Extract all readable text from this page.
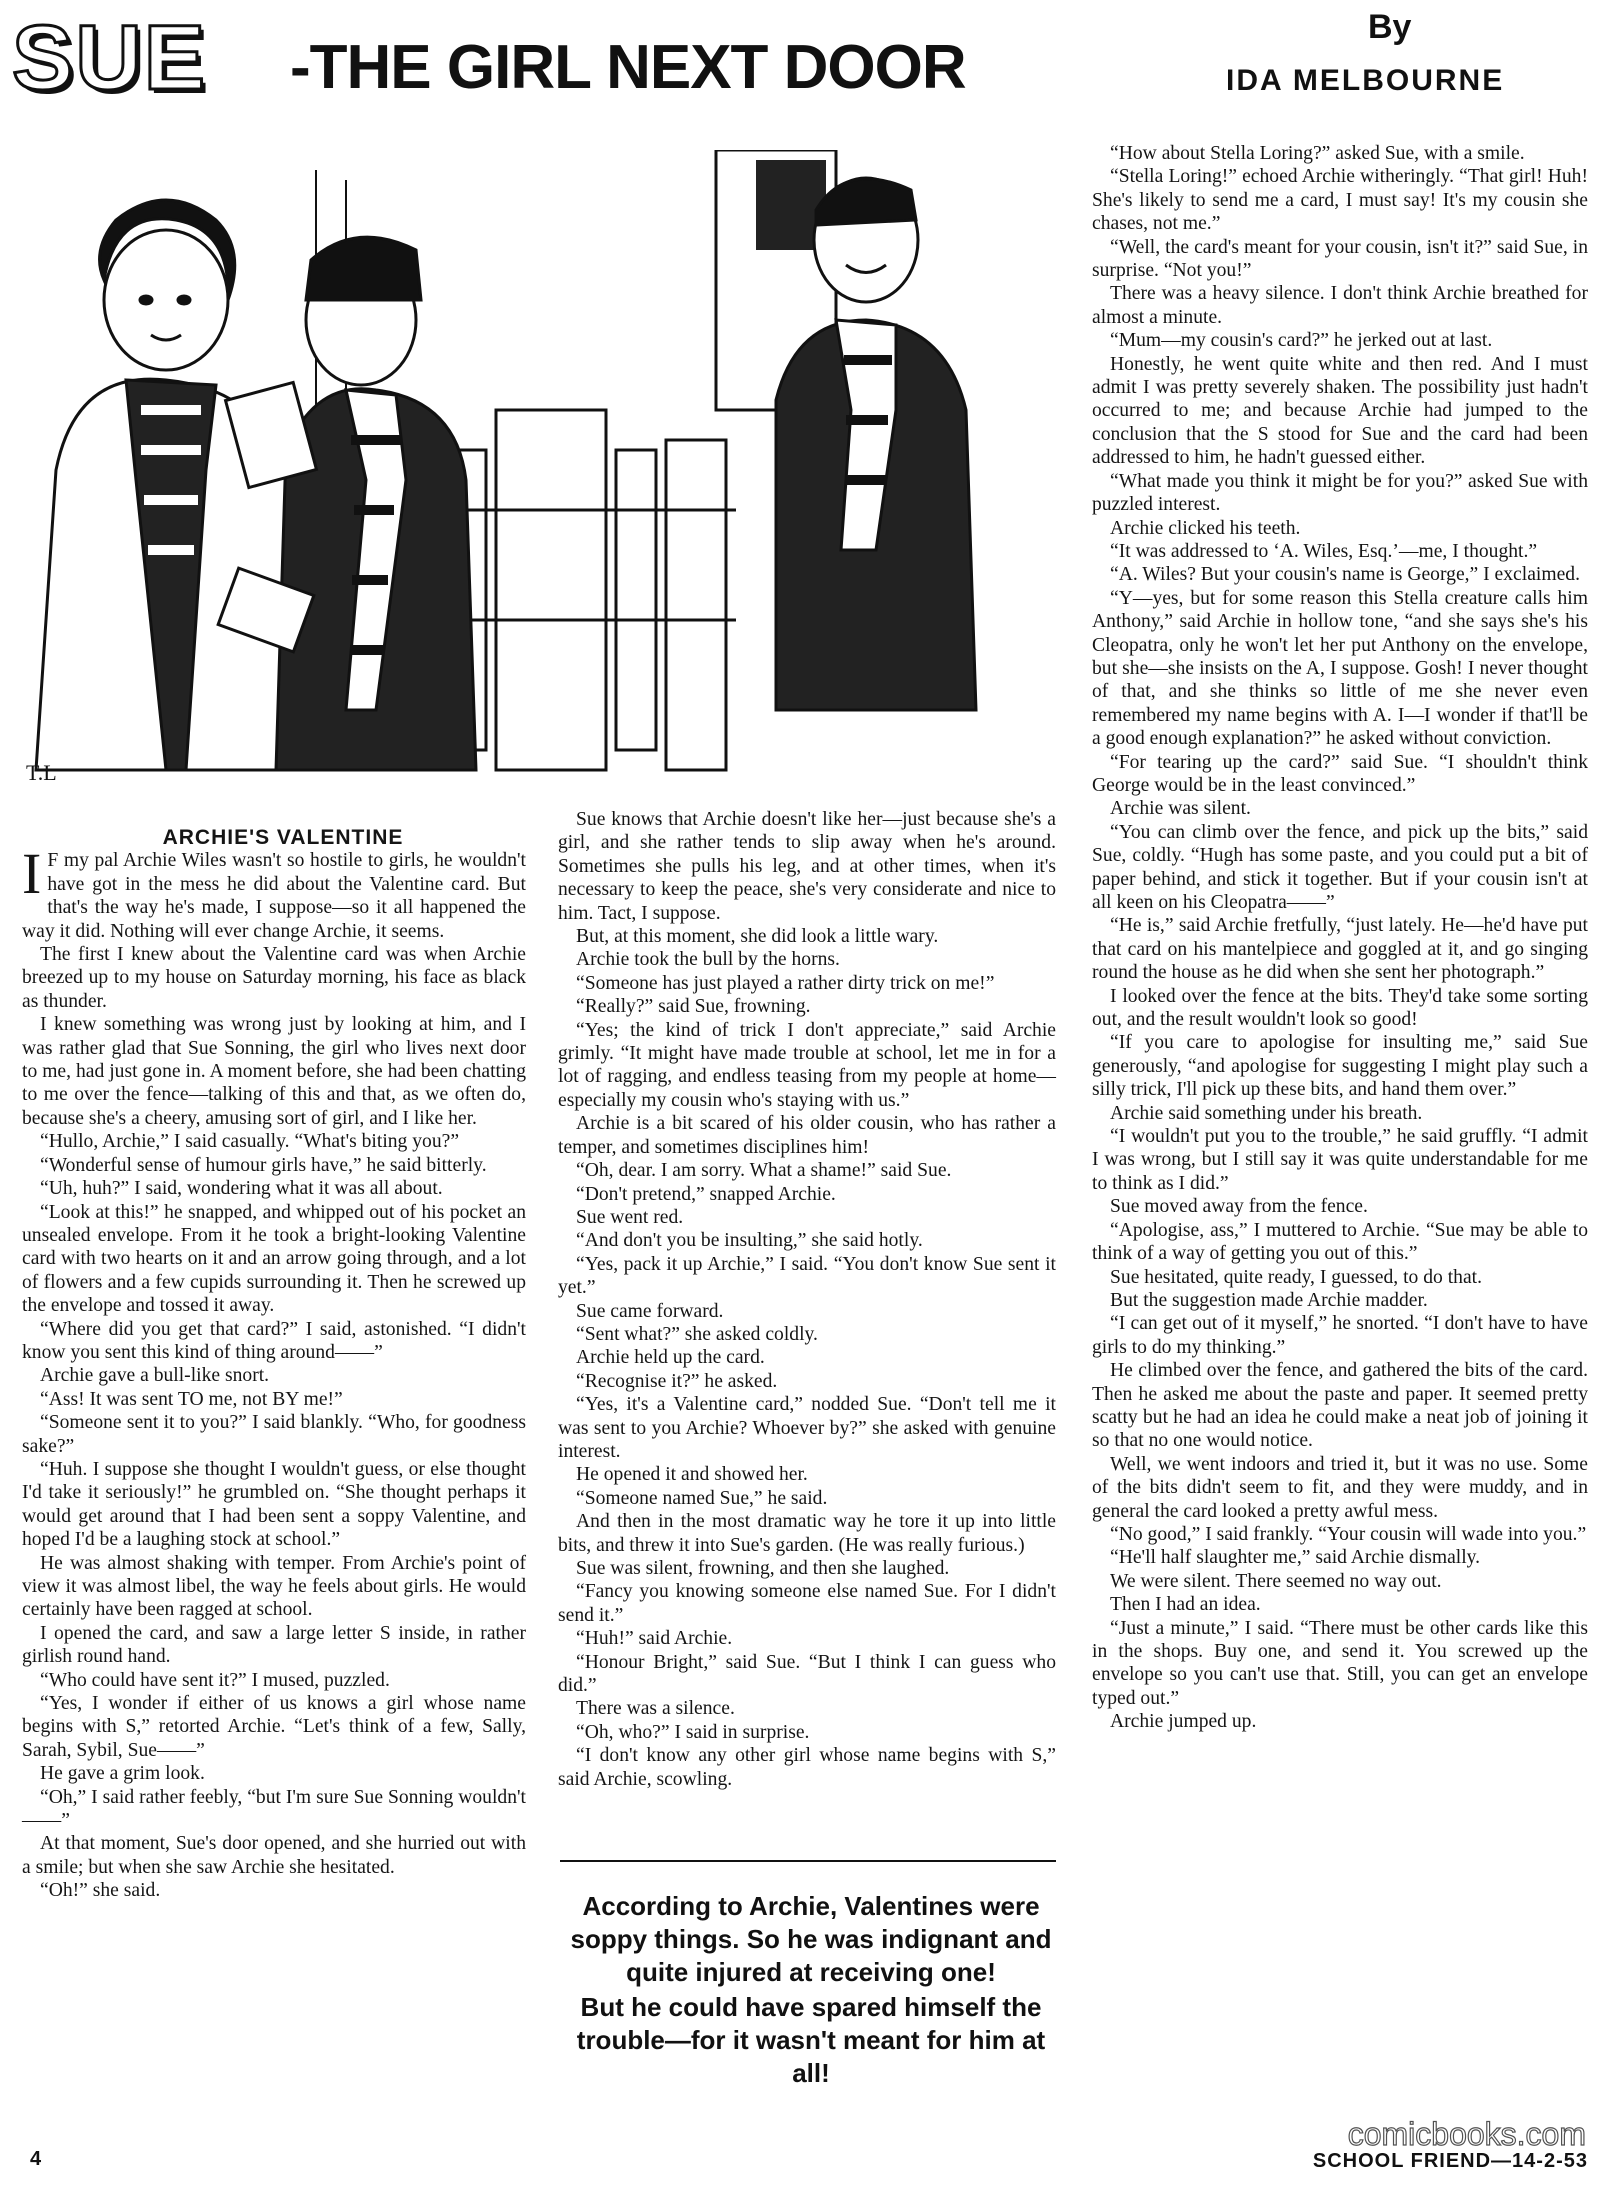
SUE -THE GIRL NEXT DOOR
By
IDA MELBOURNE
T.L

ARCHIE'S VALENTINE

I F my pal Archie Wiles wasn't so hostile to girls, he wouldn't have got in the mess he did about the Valentine card. But that's the way he's made, I suppose—so it all happened the way it did. Nothing will ever change Archie, it seems.

The first I knew about the Valentine card was when Archie breezed up to my house on Saturday morning, his face as black as thunder.

I knew something was wrong just by looking at him, and I was rather glad that Sue Sonning, the girl who lives next door to me, had just gone in. A moment before, she had been chatting to me over the fence—talking of this and that, as we often do, because she's a cheery, amusing sort of girl, and I like her.

“Hullo, Archie,” I said casually. “What's biting you?”

“Wonderful sense of humour girls have,” he said bitterly.

“Uh, huh?” I said, wondering what it was all about.

“Look at this!” he snapped, and whipped out of his pocket an unsealed envelope. From it he took a bright-looking Valentine card with two hearts on it and an arrow going through, and a lot of flowers and a few cupids surrounding it. Then he screwed up the envelope and tossed it away.

“Where did you get that card?” I said, astonished. “I didn't know you sent this kind of thing around——”

Archie gave a bull-like snort.

“Ass! It was sent TO me, not BY me!”

“Someone sent it to you?” I said blankly. “Who, for goodness sake?”

“Huh. I suppose she thought I wouldn't guess, or else thought I'd take it seriously!” he grumbled on. “She thought perhaps it would get around that I had been sent a soppy Valentine, and hoped I'd be a laughing stock at school.”

He was almost shaking with temper. From Archie's point of view it was almost libel, the way he feels about girls. He would certainly have been ragged at school.

I opened the card, and saw a large letter S inside, in rather girlish round hand.

“Who could have sent it?” I mused, puzzled.

“Yes, I wonder if either of us knows a girl whose name begins with S,” retorted Archie. “Let's think of a few, Sally, Sarah, Sybil, Sue——”

He gave a grim look.

“Oh,” I said rather feebly, “but I'm sure Sue Sonning wouldn't——”

At that moment, Sue's door opened, and she hurried out with a smile; but when she saw Archie she hesitated.

“Oh!” she said.

Sue knows that Archie doesn't like her—just because she's a girl, and she rather tends to slip away when he's around. Sometimes she pulls his leg, and at other times, when it's necessary to keep the peace, she's very considerate and nice to him. Tact, I suppose.

But, at this moment, she did look a little wary.

Archie took the bull by the horns.

“Someone has just played a rather dirty trick on me!”

“Really?” said Sue, frowning.

“Yes; the kind of trick I don't appreciate,” said Archie grimly. “It might have made trouble at school, let me in for a lot of ragging, and endless teasing from my people at home—especially my cousin who's staying with us.”

Archie is a bit scared of his older cousin, who has rather a temper, and sometimes disciplines him!

“Oh, dear. I am sorry. What a shame!” said Sue.

“Don't pretend,” snapped Archie.

Sue went red.

“And don't you be insulting,” she said hotly.

“Yes, pack it up Archie,” I said. “You don't know Sue sent it yet.”

Sue came forward.

“Sent what?” she asked coldly.

Archie held up the card.

“Recognise it?” he asked.

“Yes, it's a Valentine card,” nodded Sue. “Don't tell me it was sent to you Archie? Whoever by?” she asked with genuine interest.

He opened it and showed her.

“Someone named Sue,” he said.

And then in the most dramatic way he tore it up into little bits, and threw it into Sue's garden. (He was really furious.)

Sue was silent, frowning, and then she laughed.

“Fancy you knowing someone else named Sue. For I didn't send it.”

“Huh!” said Archie.

“Honour Bright,” said Sue. “But I think I can guess who did.”

There was a silence.

“Oh, who?” I said in surprise.

“I don't know any other girl whose name begins with S,” said Archie, scowling.

According to Archie, Valentines were soppy things. So he was indignant and quite injured at receiving one!

But he could have spared himself the trouble—for it wasn't meant for him at all!

“How about Stella Loring?” asked Sue, with a smile.

“Stella Loring!” echoed Archie witheringly. “That girl! Huh! She's likely to send me a card, I must say! It's my cousin she chases, not me.”

“Well, the card's meant for your cousin, isn't it?” said Sue, in surprise. “Not you!”

There was a heavy silence. I don't think Archie breathed for almost a minute.

“Mum—my cousin's card?” he jerked out at last.

Honestly, he went quite white and then red. And I must admit I was pretty severely shaken. The possibility just hadn't occurred to me; and because Archie had jumped to the conclusion that the S stood for Sue and the card had been addressed to him, he hadn't guessed either.

“What made you think it might be for you?” asked Sue with puzzled interest.

Archie clicked his teeth.

“It was addressed to ‘A. Wiles, Esq.’—me, I thought.”

“A. Wiles? But your cousin's name is George,” I exclaimed.

“Y—yes, but for some reason this Stella creature calls him Anthony,” said Archie in hollow tone, “and she says she's his Cleopatra, only he won't let her put Anthony on the envelope, but she—she insists on the A, I suppose. Gosh! I never thought of that, and she thinks so little of me she never even remembered my name begins with A. I—I wonder if that'll be a good enough explanation?” he asked without conviction.

“For tearing up the card?” said Sue. “I shouldn't think George would be in the least convinced.”

Archie was silent.

“You can climb over the fence, and pick up the bits,” said Sue, coldly. “Hugh has some paste, and you could put a bit of paper behind, and stick it together. But if your cousin isn't at all keen on his Cleopatra——”

“He is,” said Archie fretfully, “just lately. He—he'd have put that card on his mantelpiece and goggled at it, and go singing round the house as he did when she sent her photograph.”

I looked over the fence at the bits. They'd take some sorting out, and the result wouldn't look so good!

“If you care to apologise for insulting me,” said Sue generously, “and apologise for suggesting I might play such a silly trick, I'll pick up these bits, and hand them over.”

Archie said something under his breath.

“I wouldn't put you to the trouble,” he said gruffly. “I admit I was wrong, but I still say it was quite understandable for me to think as I did.”

Sue moved away from the fence.

“Apologise, ass,” I muttered to Archie. “Sue may be able to think of a way of getting you out of this.”

Sue hesitated, quite ready, I guessed, to do that.

But the suggestion made Archie madder.

“I can get out of it myself,” he snorted. “I don't have to have girls to do my thinking.”

He climbed over the fence, and gathered the bits of the card. Then he asked me about the paste and paper. It seemed pretty scatty but he had an idea he could make a neat job of joining it so that no one would notice.

Well, we went indoors and tried it, but it was no use. Some of the bits didn't seem to fit, and they were muddy, and in general the card looked a pretty awful mess.

“No good,” I said frankly. “Your cousin will wade into you.”

“He'll half slaughter me,” said Archie dismally.

We were silent. There seemed no way out.

Then I had an idea.

“Just a minute,” I said. “There must be other cards like this in the shops. Buy one, and send it. You screwed up the envelope so you can't use that. Still, you can get an envelope typed out.”

Archie jumped up.

4
comicbooks.com
SCHOOL FRIEND—14-2-53
